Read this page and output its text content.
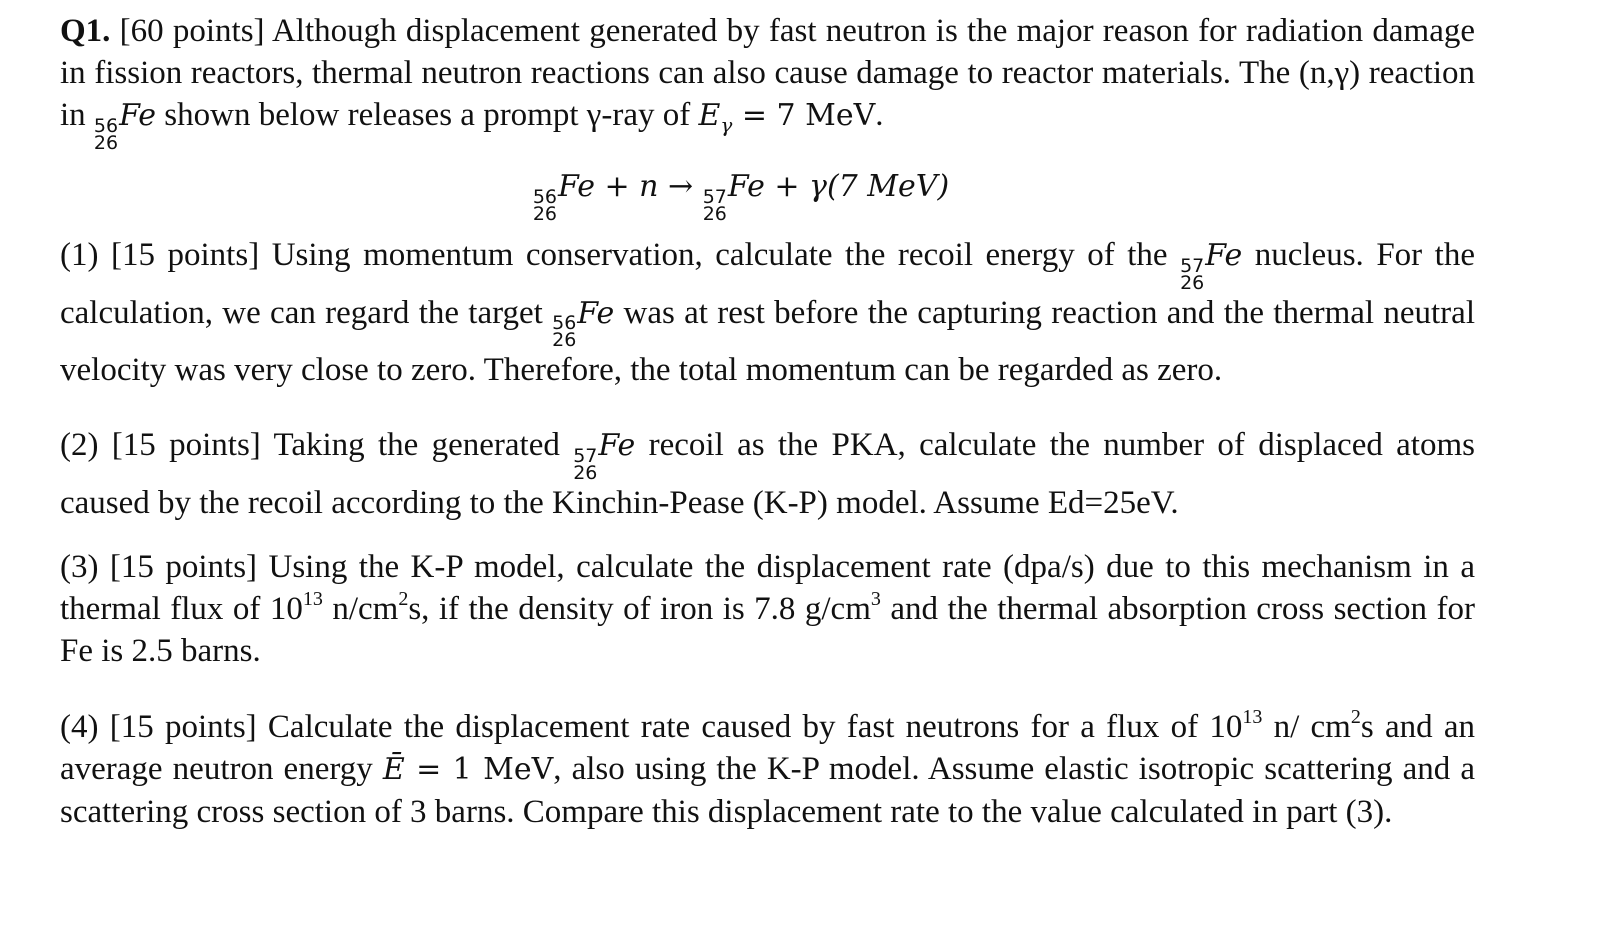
Q1. [60 points] Although displacement generated by fast neutron is the major reason for radiation damage in fission reactors, thermal neutron reactions can also cause damage to reactor materials. The (n,γ) reaction in 56
26
Fe shown below releases a prompt γ-ray of $E_\gamma = 7$ MeV.

56
26
Fe + n → 57
26
Fe + γ(7 MeV)

(1) [15 points] Using momentum conservation, calculate the recoil energy of the 57
26
Fe nucleus. For the calculation, we can regard the target 56
26
Fe was at rest before the capturing reaction and the thermal neutral velocity was very close to zero. Therefore, the total momentum can be regarded as zero.

(2) [15 points] Taking the generated 57
26
Fe recoil as the PKA, calculate the number of displaced atoms caused by the recoil according to the Kinchin-Pease (K-P) model. Assume Ed=25eV.

(3) [15 points] Using the K-P model, calculate the displacement rate (dpa/s) due to this mechanism in a thermal flux of $10^{13}$ $n/cm^2s$, if the density of iron is 7.8 $g/cm^3$ and the thermal absorption cross section for Fe is 2.5 barns.

(4) [15 points] Calculate the displacement rate caused by fast neutrons for a flux of $10^{13}$ n/ $cm^2s$ and an average neutron energy Ē = 1 MeV, also using the K-P model. Assume elastic isotropic scattering and a scattering cross section of 3 barns. Compare this displacement rate to the value calculated in part (3).
